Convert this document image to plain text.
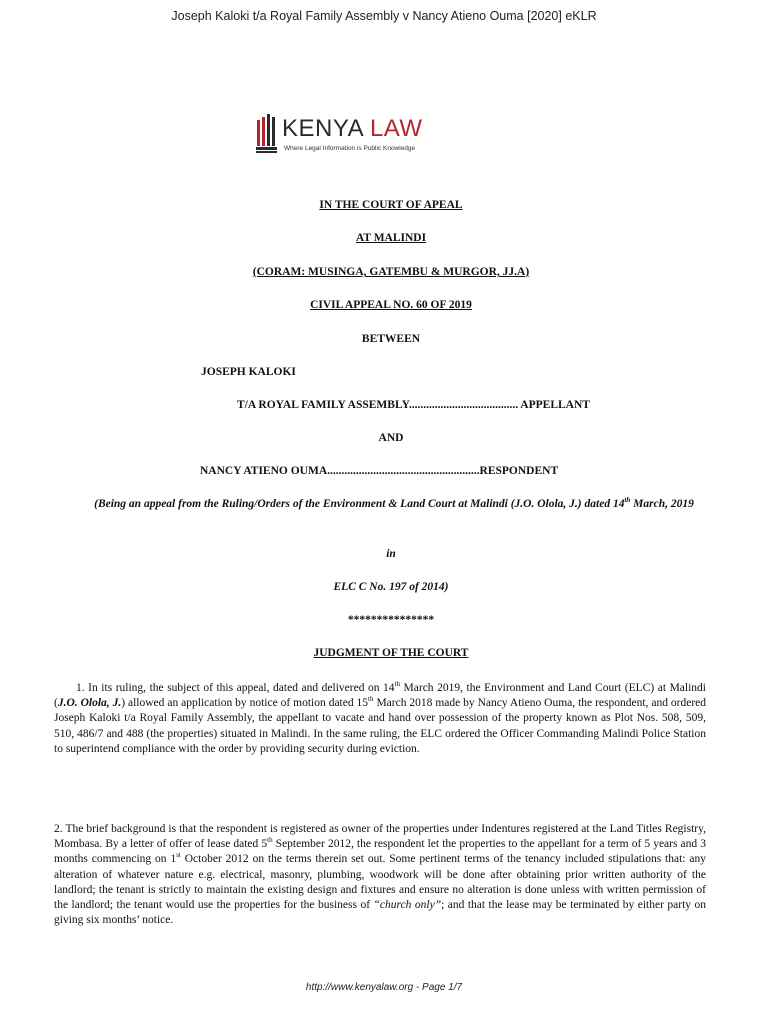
Joseph Kaloki t/a Royal Family Assembly v Nancy Atieno Ouma [2020] eKLR
KENYA LAW
Where Legal Information is Public Knowledge
IN THE COURT OF APEAL
AT MALINDI
(CORAM: MUSINGA, GATEMBU & MURGOR, JJ.A)
CIVIL APPEAL NO. 60 OF 2019
BETWEEN
JOSEPH KALOKI
T/A ROYAL FAMILY ASSEMBLY...................................... APPELLANT
AND
NANCY ATIENO OUMA.....................................................RESPONDENT
(Being an appeal from the Ruling/Orders of the Environment & Land Court at Malindi (J.O. Olola, J.) dated 14th March, 2019
in
ELC C No. 197 of 2014)
***************
JUDGMENT OF THE COURT
1. In its ruling, the subject of this appeal, dated and delivered on 14th March 2019, the Environment and Land Court (ELC) at Malindi (J.O. Olola, J.) allowed an application by notice of motion dated 15th March 2018 made by Nancy Atieno Ouma, the respondent, and ordered Joseph Kaloki t/a Royal Family Assembly, the appellant to vacate and hand over possession of the property known as Plot Nos. 508, 509, 510, 486/7 and 488 (the properties) situated in Malindi. In the same ruling, the ELC ordered the Officer Commanding Malindi Police Station to superintend compliance with the order by providing security during eviction.
2. The brief background is that the respondent is registered as owner of the properties under Indentures registered at the Land Titles Registry, Mombasa. By a letter of offer of lease dated 5th September 2012, the respondent let the properties to the appellant for a term of 5 years and 3 months commencing on 1st October 2012 on the terms therein set out. Some pertinent terms of the tenancy included stipulations that: any alteration of whatever nature e.g. electrical, masonry, plumbing, woodwork will be done after obtaining prior written authority of the landlord; the tenant is strictly to maintain the existing design and fixtures and ensure no alteration is done unless with written permission of the landlord; the tenant would use the properties for the business of “church only”; and that the lease may be terminated by either party on giving six months’ notice.
http://www.kenyalaw.org - Page 1/7
